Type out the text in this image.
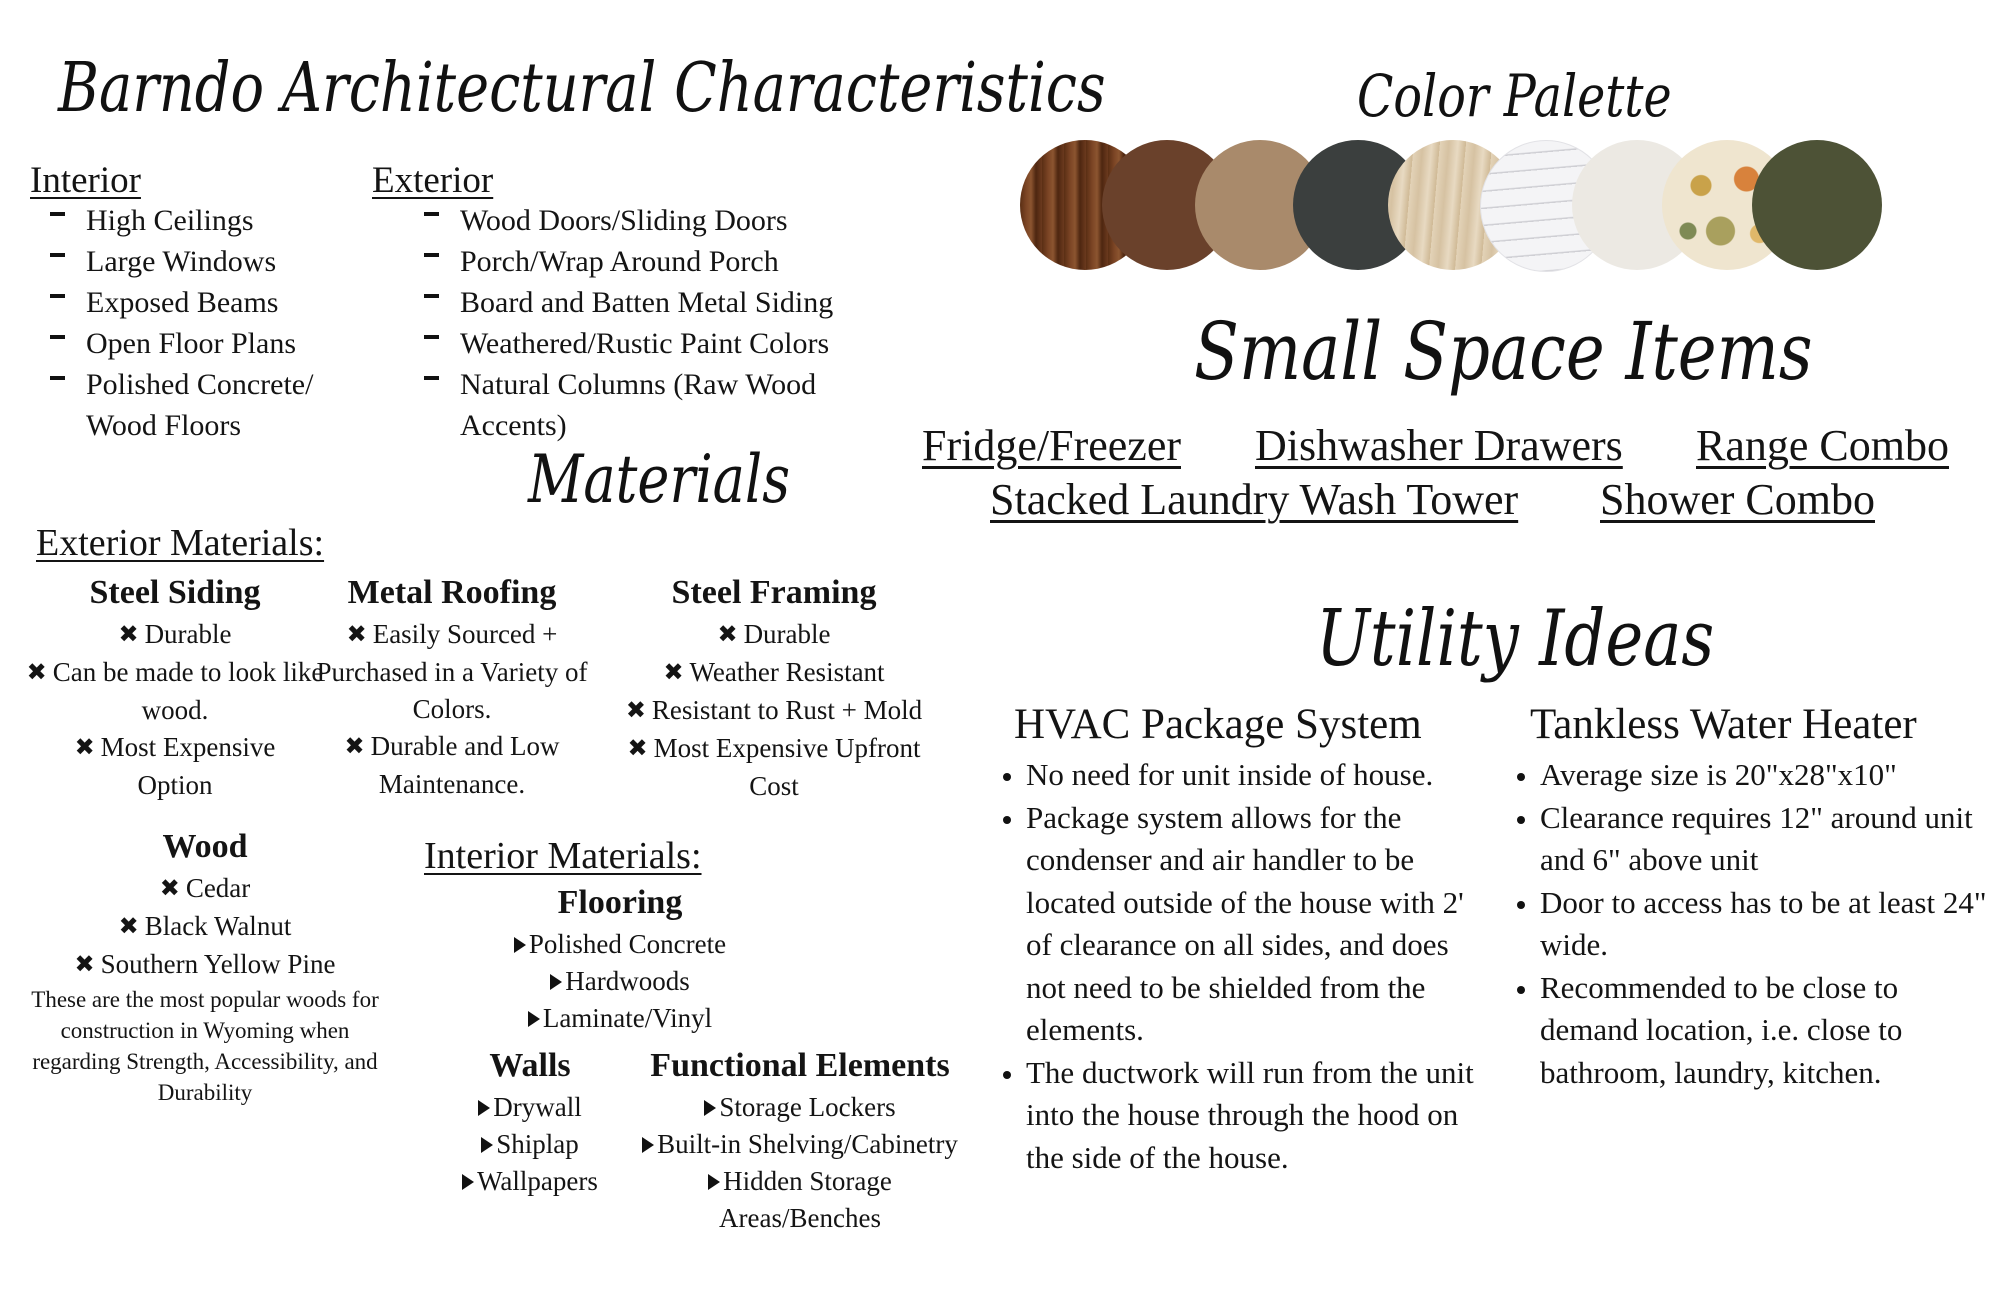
Barndo Architectural Characteristics
Interior
High Ceilings
Large Windows
Exposed Beams
Open Floor Plans
Polished Concrete/ Wood Floors
Exterior
Wood Doors/Sliding Doors
Porch/Wrap Around Porch
Board and Batten Metal Siding
Weathered/Rustic Paint Colors
Natural Columns (Raw Wood Accents)
Materials
Exterior Materials:
Steel Siding
✖ Durable
✖ Can be made to look like wood.
✖ Most Expensive Option
Metal Roofing
✖ Easily Sourced + Purchased in a Variety of Colors.
✖ Durable and Low Maintenance.
Steel Framing
✖ Durable
✖ Weather Resistant
✖ Resistant to Rust + Mold
✖ Most Expensive Upfront Cost
Wood
✖ Cedar
✖ Black Walnut
✖ Southern Yellow Pine
These are the most popular woods for construction in Wyoming when regarding Strength, Accessibility, and Durability
Interior Materials:
Flooring
Polished Concrete
Hardwoods
Laminate/Vinyl
Walls
Drywall
Shiplap
Wallpapers
Functional Elements
Storage Lockers
Built-in Shelving/Cabinetry
Hidden Storage Areas/Benches
Color Palette
Small Space Items
Fridge/Freezer Dishwasher Drawers Range Combo
Stacked Laundry Wash Tower Shower Combo
Utility Ideas
HVAC Package System
No need for unit inside of house.
Package system allows for the condenser and air handler to be located outside of the house with 2' of clearance on all sides, and does not need to be shielded from the elements.
The ductwork will run from the unit into the house through the hood on the side of the house.
Tankless Water Heater
Average size is 20"x28"x10"
Clearance requires 12" around unit and 6" above unit
Door to access has to be at least 24" wide.
Recommended to be close to demand location, i.e. close to bathroom, laundry, kitchen.
